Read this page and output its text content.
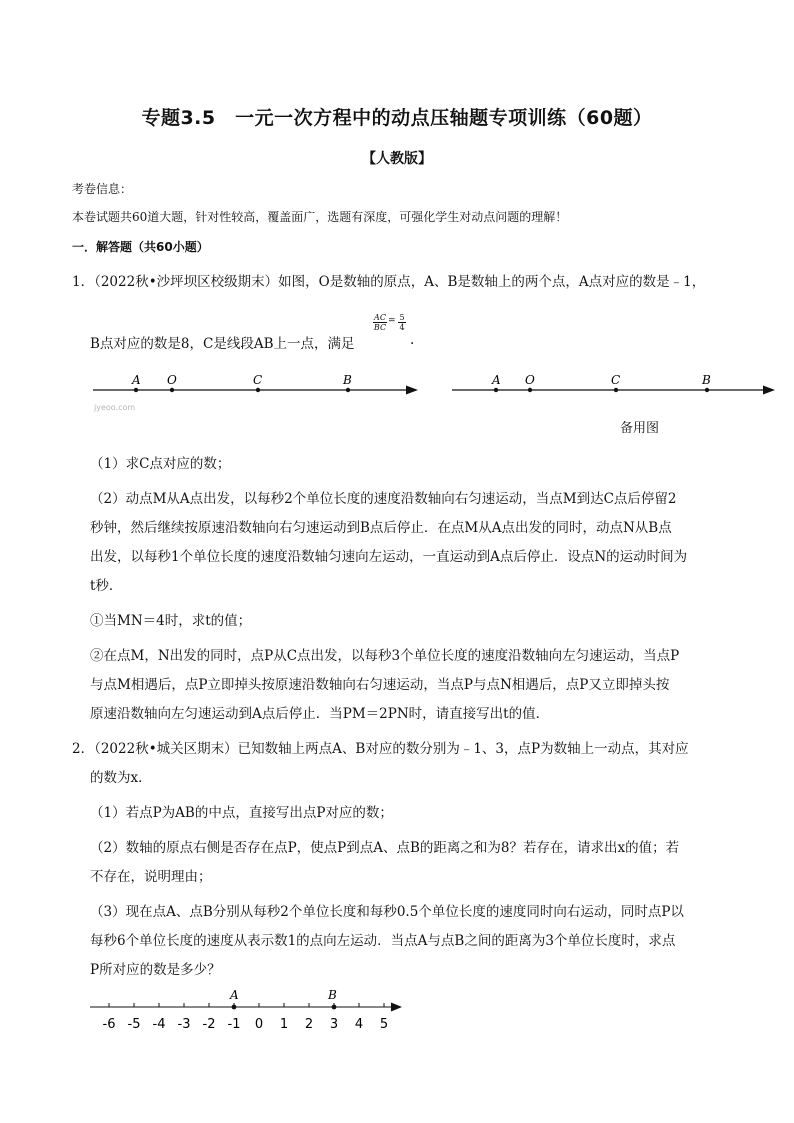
专题3.5　一元一次方程中的动点压轴题专项训练（60题）
【人教版】
考卷信息：
本卷试题共60道大题，针对性较高，覆盖面广，选题有深度，可强化学生对动点问题的理解！
一．解答题（共60小题）
1．（2022秋•沙坪坝区校级期末）如图，O是数轴的原点，A、B是数轴上的两个点，A点对应的数是﹣1，
B点对应的数是8，C是线段AB上一点，满足
$\frac{AC}{BC} = \frac{5}{4}$
.
A O	C	B
jyeoo.com
A O	C	B
备用图
（1）求C点对应的数；
（2）动点M从A点出发，以每秒2个单位长度的速度沿数轴向右匀速运动，当点M到达C点后停留2
秒钟，然后继续按原速沿数轴向右匀速运动到B点后停止．在点M从A点出发的同时，动点N从B点
出发，以每秒1个单位长度的速度沿数轴匀速向左运动，一直运动到A点后停止．设点N的运动时间为
t秒．
①当MN＝4时，求t的值；
②在点M，N出发的同时，点P从C点出发，以每秒3个单位长度的速度沿数轴向左匀速运动，当点P
与点M相遇后，点P立即掉头按原速沿数轴向右匀速运动，当点P与点N相遇后，点P又立即掉头按
原速沿数轴向左匀速运动到A点后停止．当PM＝2PN时，请直接写出t的值．
2．（2022秋•城关区期末）已知数轴上两点A、B对应的数分别为﹣1、3，点P为数轴上一动点，其对应
的数为x．
（1）若点P为AB的中点，直接写出点P对应的数；
（2）数轴的原点右侧是否存在点P，使点P到点A、点B的距离之和为8？若存在，请求出x的值；若
不存在，说明理由；
（3）现在点A、点B分别从每秒2个单位长度和每秒0.5个单位长度的速度同时向右运动，同时点P以
每秒6个单位长度的速度从表示数1的点向左运动．当点A与点B之间的距离为3个单位长度时，求点
P所对应的数是多少？
-6 -5 -4 -3 -2 -1 0 1 2 3 4 5
A	B
